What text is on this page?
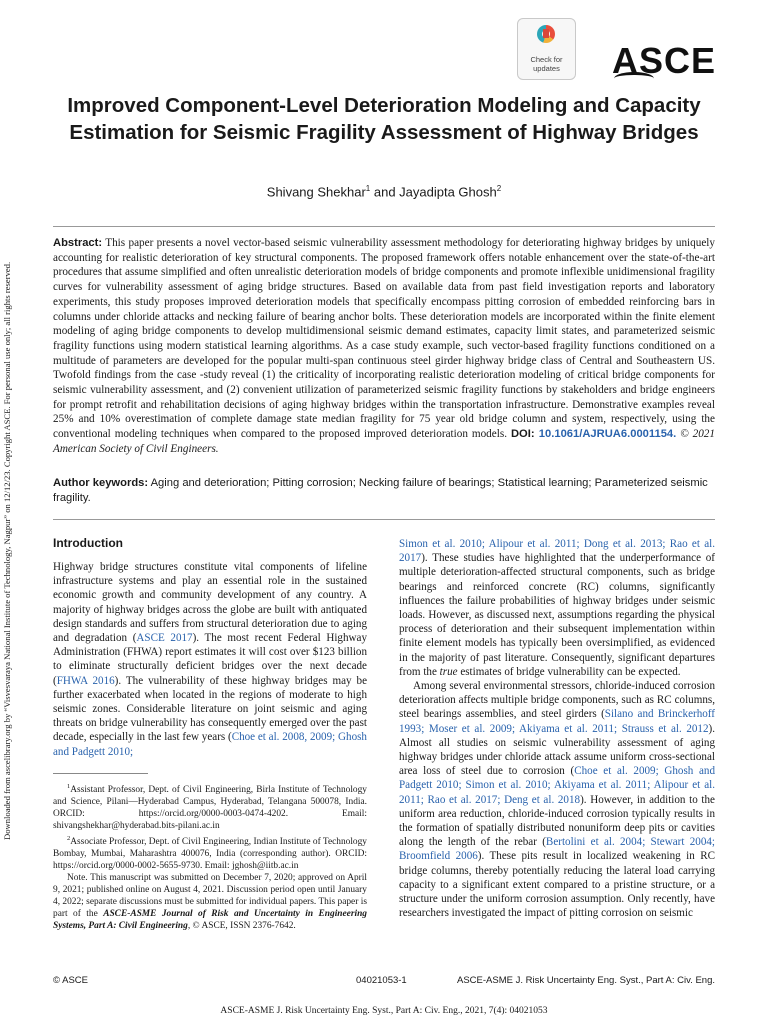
Downloaded from ascelibrary.org by “Visvesvaraya National Institute of Technology, Nagpur” on 12/12/23. Copyright ASCE. For personal use only; all rights reserved.
Check for
updates	ASCE
Improved Component-Level Deterioration Modeling and Capacity Estimation for Seismic Fragility Assessment of Highway Bridges
Shivang Shekhar$^1$ and Jayadipta Ghosh$^2$
Abstract: This paper presents a novel vector-based seismic vulnerability assessment methodology for deteriorating highway bridges by uniquely accounting for realistic deterioration of key structural components. The proposed framework offers notable enhancement over the state-of-the-art procedures that assume simplified and often unrealistic deterioration models of bridge components and promote inflexible unidimensional fragility curves for vulnerability assessment of aging bridge structures. Based on available data from past field investigation reports and laboratory experiments, this study proposes improved deterioration models that specifically encompass pitting corrosion of embedded reinforcing bars in columns under chloride attacks and necking failure of bearing anchor bolts. These deterioration models are incorporated within the finite element modeling of aging bridge components to develop multidimensional seismic demand estimates, capacity limit states, and parameterized seismic fragility functions using modern statistical learning algorithms. As a case study example, such vector-based fragility functions conditioned on a multitude of parameters are developed for the popular multi-span continuous steel girder highway bridge class of Central and Southeastern US. Twofold findings from the case -study reveal (1) the criticality of incorporating realistic deterioration modeling of critical bridge components for seismic vulnerability assessment, and (2) convenient utilization of parameterized seismic fragility functions by stakeholders and bridge engineers for prompt retrofit and rehabilitation decisions of aging highway bridges within the transportation infrastructure. Demonstrative examples reveal 25% and 10% overestimation of complete damage state median fragility for 75 year old bridge column and system, respectively, using the conventional modeling techniques when compared to the proposed improved deterioration models. DOI: 10.1061/AJRUA6.0001154. © 2021 American Society of Civil Engineers.
Author keywords: Aging and deterioration; Pitting corrosion; Necking failure of bearings; Statistical learning; Parameterized seismic fragility.
Introduction

Highway bridge structures constitute vital components of lifeline infrastructure systems and play an essential role in the sustained economic growth and community development of any country. A majority of highway bridges across the globe are built with antiquated design standards and suffers from structural deterioration due to aging and degradation (ASCE 2017). The most recent Federal Highway Administration (FHWA) report estimates it will cost over $123 billion to eliminate structurally deficient bridges over the next decade (FHWA 2016). The vulnerability of these highway bridges may be further exacerbated when located in the regions of moderate to high seismic zones. Considerable literature on joint seismic and aging threats on bridge vulnerability has consequently emerged over the past decade, especially in the last few years (Choe et al. 2008, 2009; Ghosh and Padgett 2010;

$^1$Assistant Professor, Dept. of Civil Engineering, Birla Institute of Technology and Science, Pilani—Hyderabad Campus, Hyderabad, Telangana 500078, India. ORCID: https://orcid.org/0000-0003-0474-4202. Email: shivangshekhar@hyderabad.bits-pilani.ac.in

$^2$Associate Professor, Dept. of Civil Engineering, Indian Institute of Technology Bombay, Mumbai, Maharashtra 400076, India (corresponding author). ORCID: https://orcid.org/0000-0002-5655-9730. Email: jghosh@iitb.ac.in

Note. This manuscript was submitted on December 7, 2020; approved on April 9, 2021; published online on August 4, 2021. Discussion period open until January 4, 2022; separate discussions must be submitted for individual papers. This paper is part of the ASCE-ASME Journal of Risk and Uncertainty in Engineering Systems, Part A: Civil Engineering, © ASCE, ISSN 2376-7642.

Simon et al. 2010; Alipour et al. 2011; Dong et al. 2013; Rao et al. 2017). These studies have highlighted that the underperformance of multiple deterioration-affected structural components, such as bridge bearings and reinforced concrete (RC) columns, significantly influences the failure probabilities of highway bridges under seismic loads. However, as discussed next, assumptions regarding the physical process of deterioration and their subsequent implementation within finite element models has typically been oversimplified, as evidenced in the majority of past literature. Consequently, significant departures from the true estimates of bridge vulnerability can be expected.

Among several environmental stressors, chloride-induced corrosion deterioration affects multiple bridge components, such as RC columns, steel bearings assemblies, and steel girders (Silano and Brinckerhoff 1993; Moser et al. 2009; Akiyama et al. 2011; Strauss et al. 2012). Almost all studies on seismic vulnerability assessment of aging highway bridges under chloride attack assume uniform cross-sectional area loss of steel due to corrosion (Choe et al. 2009; Ghosh and Padgett 2010; Simon et al. 2010; Akiyama et al. 2011; Alipour et al. 2011; Rao et al. 2017; Deng et al. 2018). However, in addition to the uniform area reduction, chloride-induced corrosion typically results in the formation of spatially distributed nonuniform deep pits or cavities along the length of the rebar (Bertolini et al. 2004; Stewart 2004; Broomfield 2006). These pits result in localized weakening in RC bridge columns, thereby potentially reducing the lateral load carrying capacity to a significant extent compared to a pristine structure, or a structure under the uniform corrosion assumption. Only recently, have researchers investigated the impact of pitting corrosion on seismic

© ASCE	04021053-1	ASCE-ASME J. Risk Uncertainty Eng. Syst., Part A: Civ. Eng.
ASCE-ASME J. Risk Uncertainty Eng. Syst., Part A: Civ. Eng., 2021, 7(4): 04021053
